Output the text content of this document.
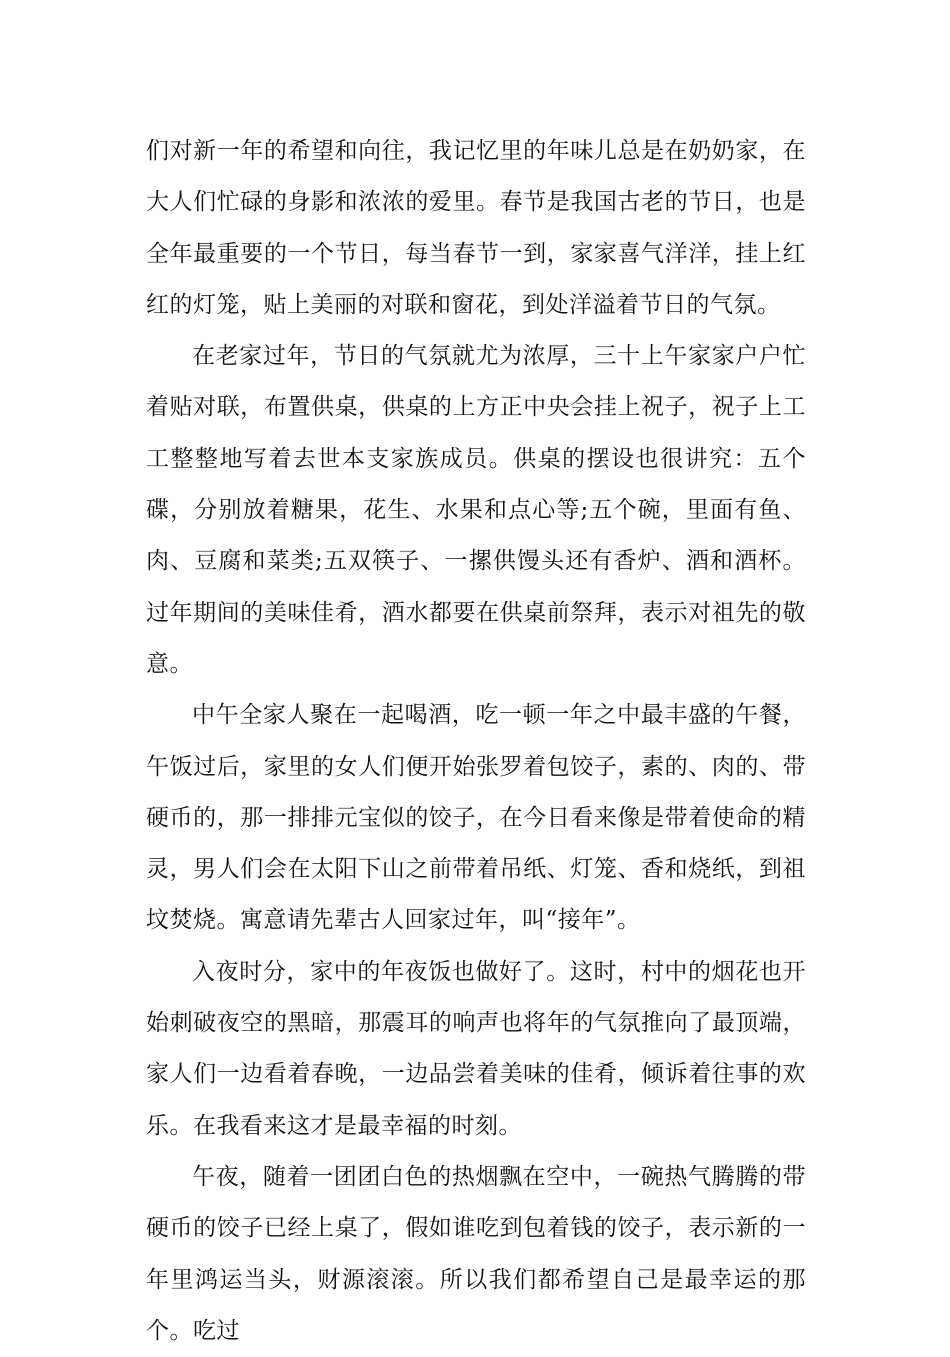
们对新一年的希望和向往，我记忆里的年味儿总是在奶奶家，在大人们忙碌的身影和浓浓的爱里。春节是我国古老的节日，也是全年最重要的一个节日，每当春节一到，家家喜气洋洋，挂上红红的灯笼，贴上美丽的对联和窗花，到处洋溢着节日的气氛。

在老家过年，节日的气氛就尤为浓厚，三十上午家家户户忙着贴对联，布置供桌，供桌的上方正中央会挂上祝子，祝子上工工整整地写着去世本支家族成员。供桌的摆设也很讲究：五个碟，分别放着糖果，花生、水果和点心等;五个碗，里面有鱼、肉、豆腐和菜类;五双筷子、一摞供馒头还有香炉、酒和酒杯。过年期间的美味佳肴，酒水都要在供桌前祭拜，表示对祖先的敬意。

中午全家人聚在一起喝酒，吃一顿一年之中最丰盛的午餐，午饭过后，家里的女人们便开始张罗着包饺子，素的、肉的、带硬币的，那一排排元宝似的饺子，在今日看来像是带着使命的精灵，男人们会在太阳下山之前带着吊纸、灯笼、香和烧纸，到祖坟焚烧。寓意请先辈古人回家过年，叫“接年”。

入夜时分，家中的年夜饭也做好了。这时，村中的烟花也开始刺破夜空的黑暗，那震耳的响声也将年的气氛推向了最顶端，家人们一边看着春晚，一边品尝着美味的佳肴，倾诉着往事的欢乐。在我看来这才是最幸福的时刻。

午夜，随着一团团白色的热烟飘在空中，一碗热气腾腾的带硬币的饺子已经上桌了，假如谁吃到包着钱的饺子，表示新的一年里鸿运当头，财源滚滚。所以我们都希望自己是最幸运的那个。吃过
